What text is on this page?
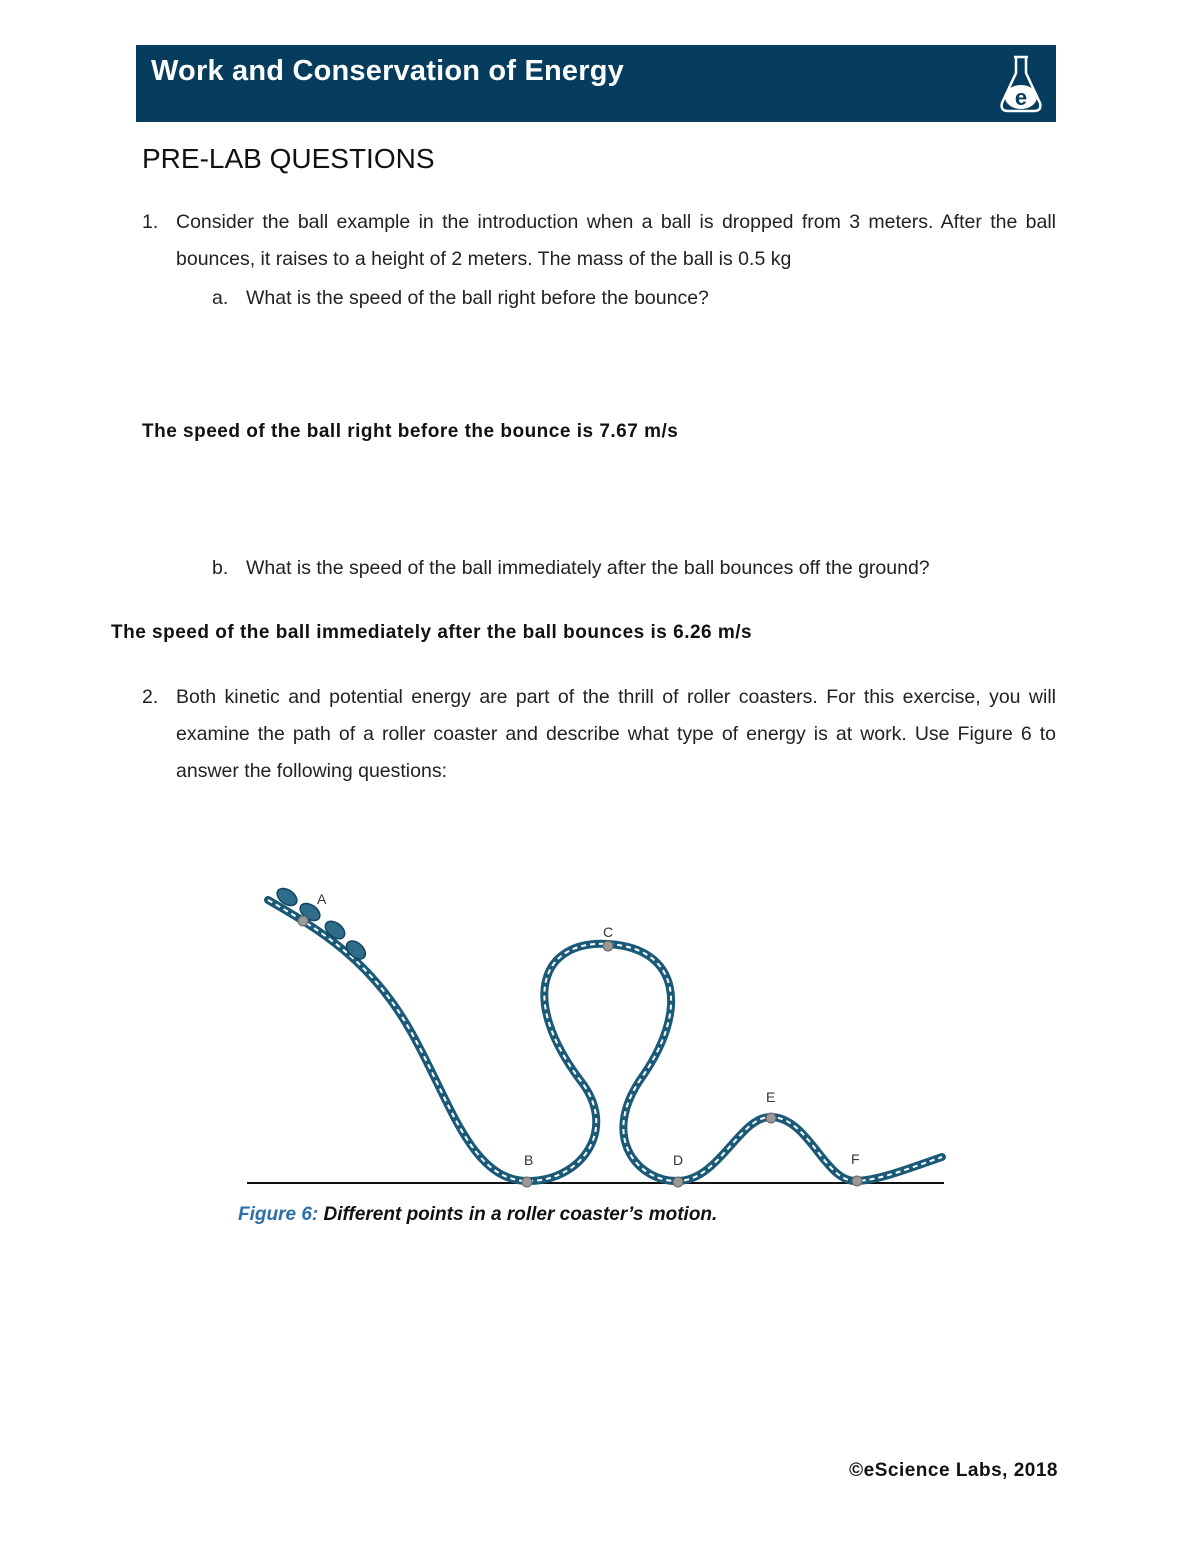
Work and Conservation of Energy
e
PRE-LAB QUESTIONS
1. Consider the ball example in the introduction when a ball is dropped from 3 meters. After the ball bounces, it raises to a height of 2 meters. The mass of the ball is 0.5 kg
a. What is the speed of the ball right before the bounce?
The speed of the ball right before the bounce is 7.67 m/s
b. What is the speed of the ball immediately after the ball bounces off the ground?
The speed of the ball immediately after the ball bounces is 6.26 m/s
2. Both kinetic and potential energy are part of the thrill of roller coasters. For this exercise, you will examine the path of a roller coaster and describe what type of energy is at work. Use Figure 6 to answer the following questions:
A
B
C
D
E
F
Figure 6: Different points in a roller coaster’s motion.
©eScience Labs, 2018
